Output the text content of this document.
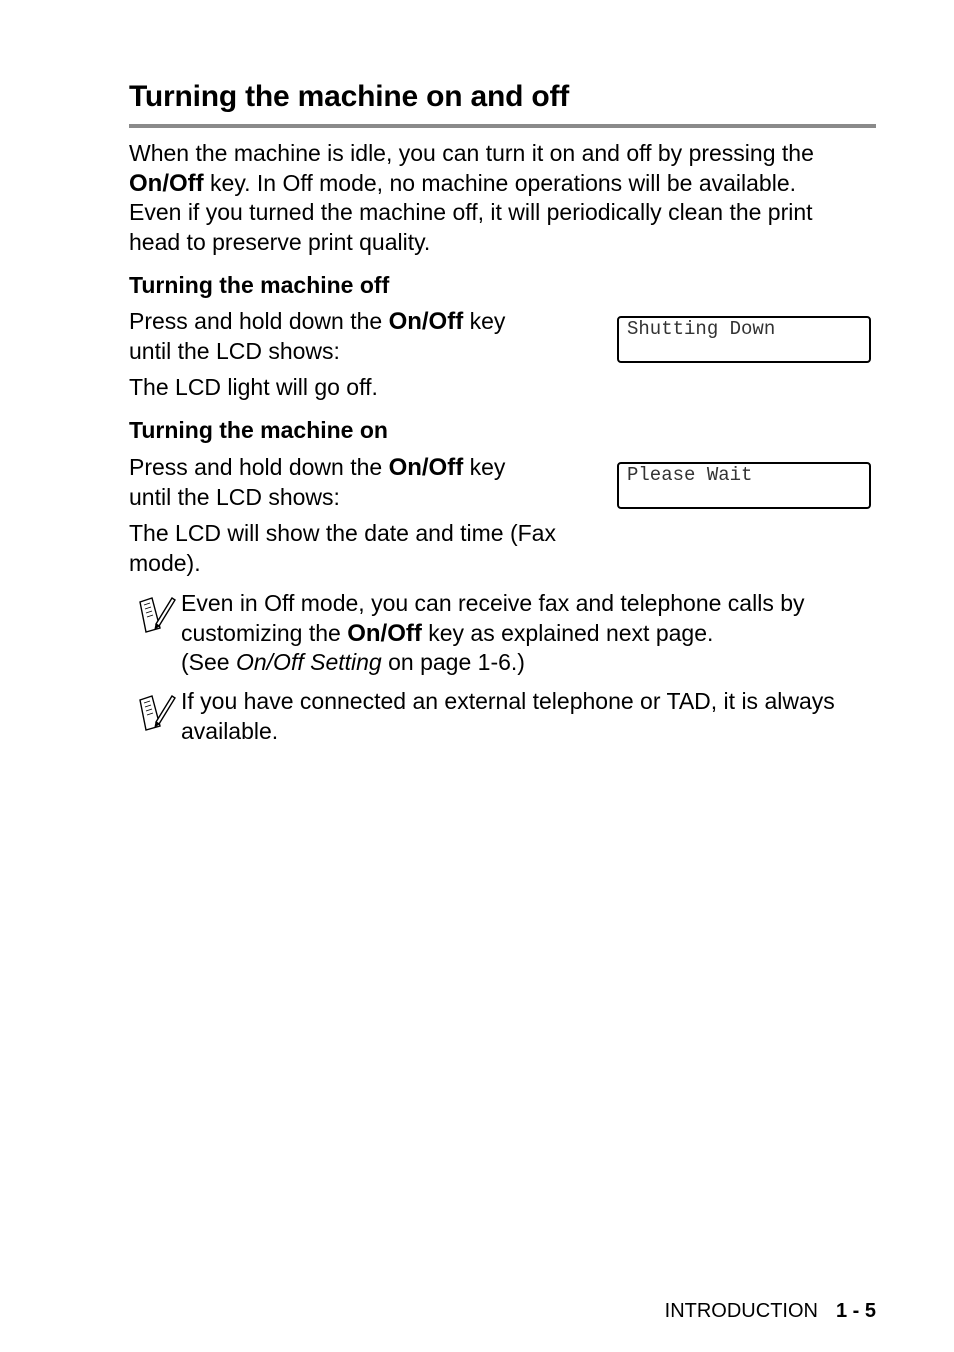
Turning the machine on and off

When the machine is idle, you can turn it on and off by pressing the

On/Off key. In Off mode, no machine operations will be available.

Even if you turned the machine off, it will periodically clean the print

head to preserve print quality.

Turning the machine off

Press and hold down the On/Off key

until the LCD shows:

The LCD light will go off.

Shutting Down
Turning the machine on

Press and hold down the On/Off key

until the LCD shows:

The LCD will show the date and time (Fax

mode).

Please Wait

Even in Off mode, you can receive fax and telephone calls by

customizing the On/Off key as explained next page.

(See On/Off Setting on page 1-6.)

If you have connected an external telephone or TAD, it is always

available.

INTRODUCTION 1 - 5
